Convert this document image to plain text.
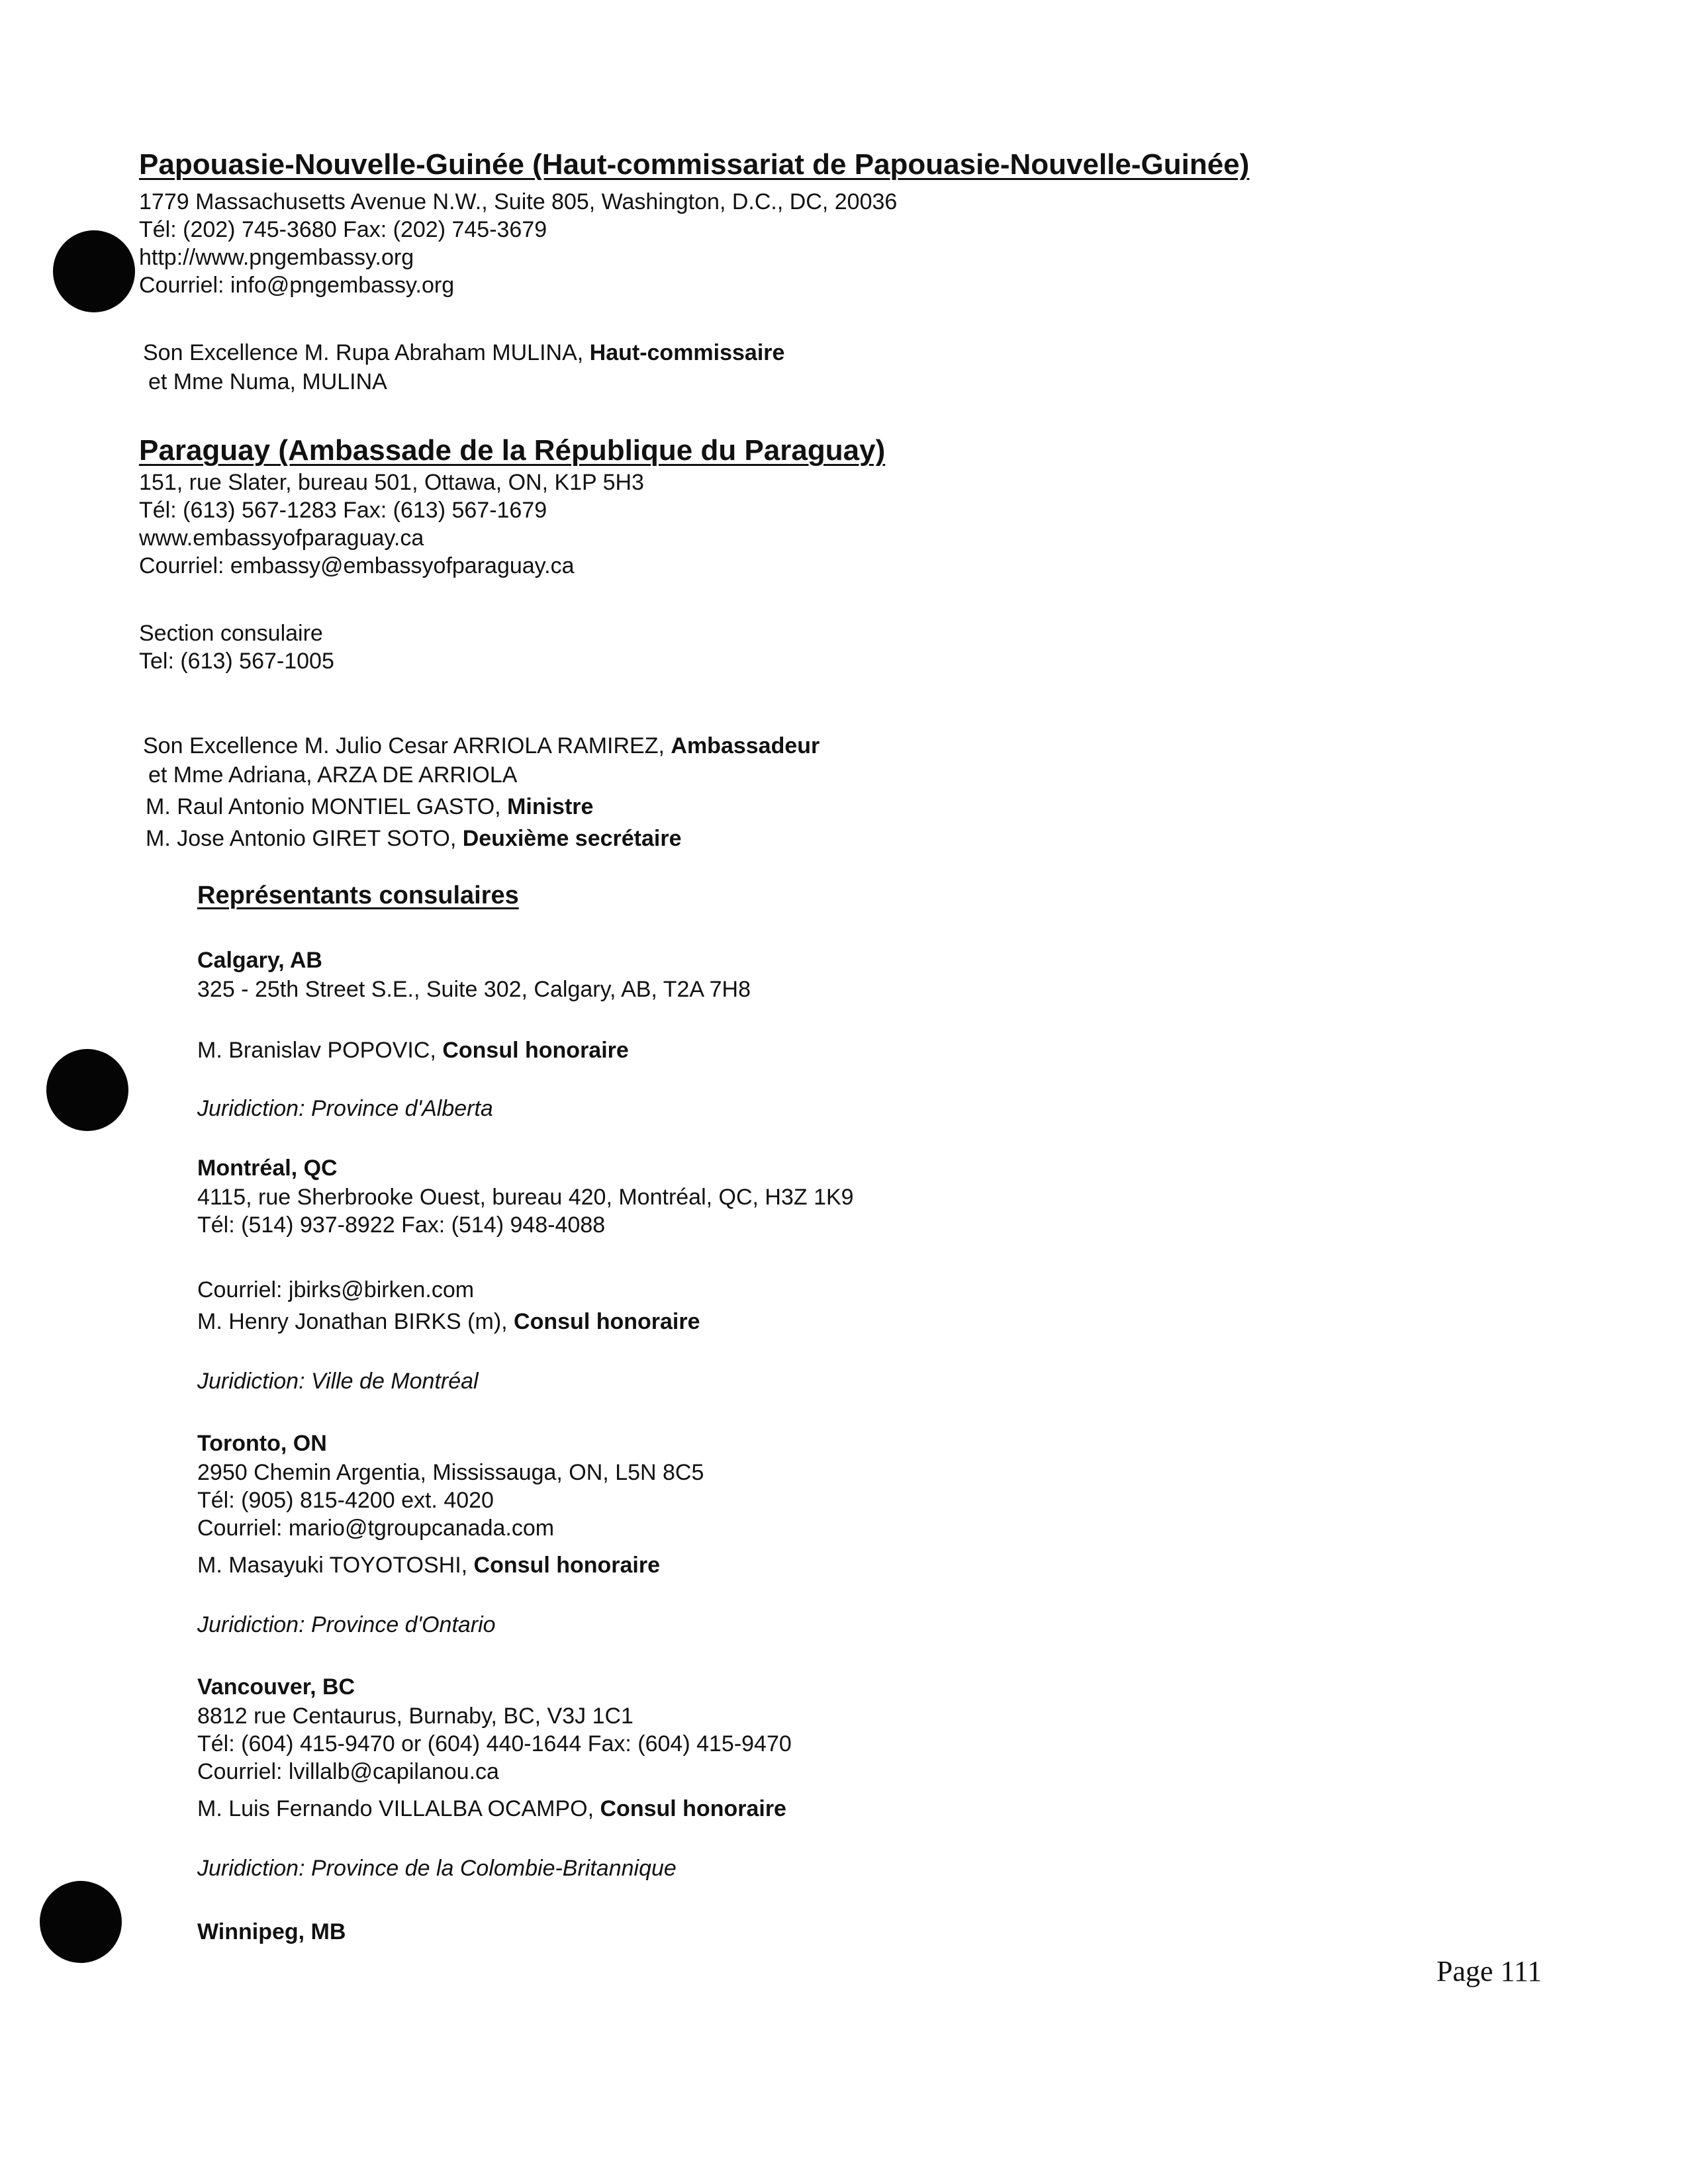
Papouasie-Nouvelle-Guinée (Haut-commissariat de Papouasie-Nouvelle-Guinée)
1779 Massachusetts Avenue N.W., Suite 805, Washington, D.C., DC, 20036
Tél: (202) 745-3680 Fax: (202) 745-3679
http://www.pngembassy.org
Courriel: info@pngembassy.org
Son Excellence M. Rupa Abraham MULINA, Haut-commissaire
et Mme Numa, MULINA
Paraguay (Ambassade de la République du Paraguay)
151, rue Slater, bureau 501, Ottawa, ON, K1P 5H3
Tél: (613) 567-1283 Fax: (613) 567-1679
www.embassyofparaguay.ca
Courriel: embassy@embassyofparaguay.ca
Section consulaire
Tel: (613) 567-1005
Son Excellence M. Julio Cesar ARRIOLA RAMIREZ, Ambassadeur
et Mme Adriana, ARZA DE ARRIOLA
M. Raul Antonio MONTIEL GASTO, Ministre
M. Jose Antonio GIRET SOTO, Deuxième secrétaire
Représentants consulaires
Calgary, AB
325 - 25th Street S.E., Suite 302, Calgary, AB, T2A 7H8
M. Branislav POPOVIC, Consul honoraire
Juridiction: Province d'Alberta
Montréal, QC
4115, rue Sherbrooke Ouest, bureau 420, Montréal, QC, H3Z 1K9
Tél: (514) 937-8922 Fax: (514) 948-4088
Courriel: jbirks@birken.com
M. Henry Jonathan BIRKS (m), Consul honoraire
Juridiction: Ville de Montréal
Toronto, ON
2950 Chemin Argentia, Mississauga, ON, L5N 8C5
Tél: (905) 815-4200 ext. 4020
Courriel: mario@tgroupcanada.com
M. Masayuki TOYOTOSHI, Consul honoraire
Juridiction: Province d'Ontario
Vancouver, BC
8812 rue Centaurus, Burnaby, BC, V3J 1C1
Tél: (604) 415-9470 or (604) 440-1644 Fax: (604) 415-9470
Courriel: lvillalb@capilanou.ca
M. Luis Fernando VILLALBA OCAMPO, Consul honoraire
Juridiction: Province de la Colombie-Britannique
Winnipeg, MB
Page 111
